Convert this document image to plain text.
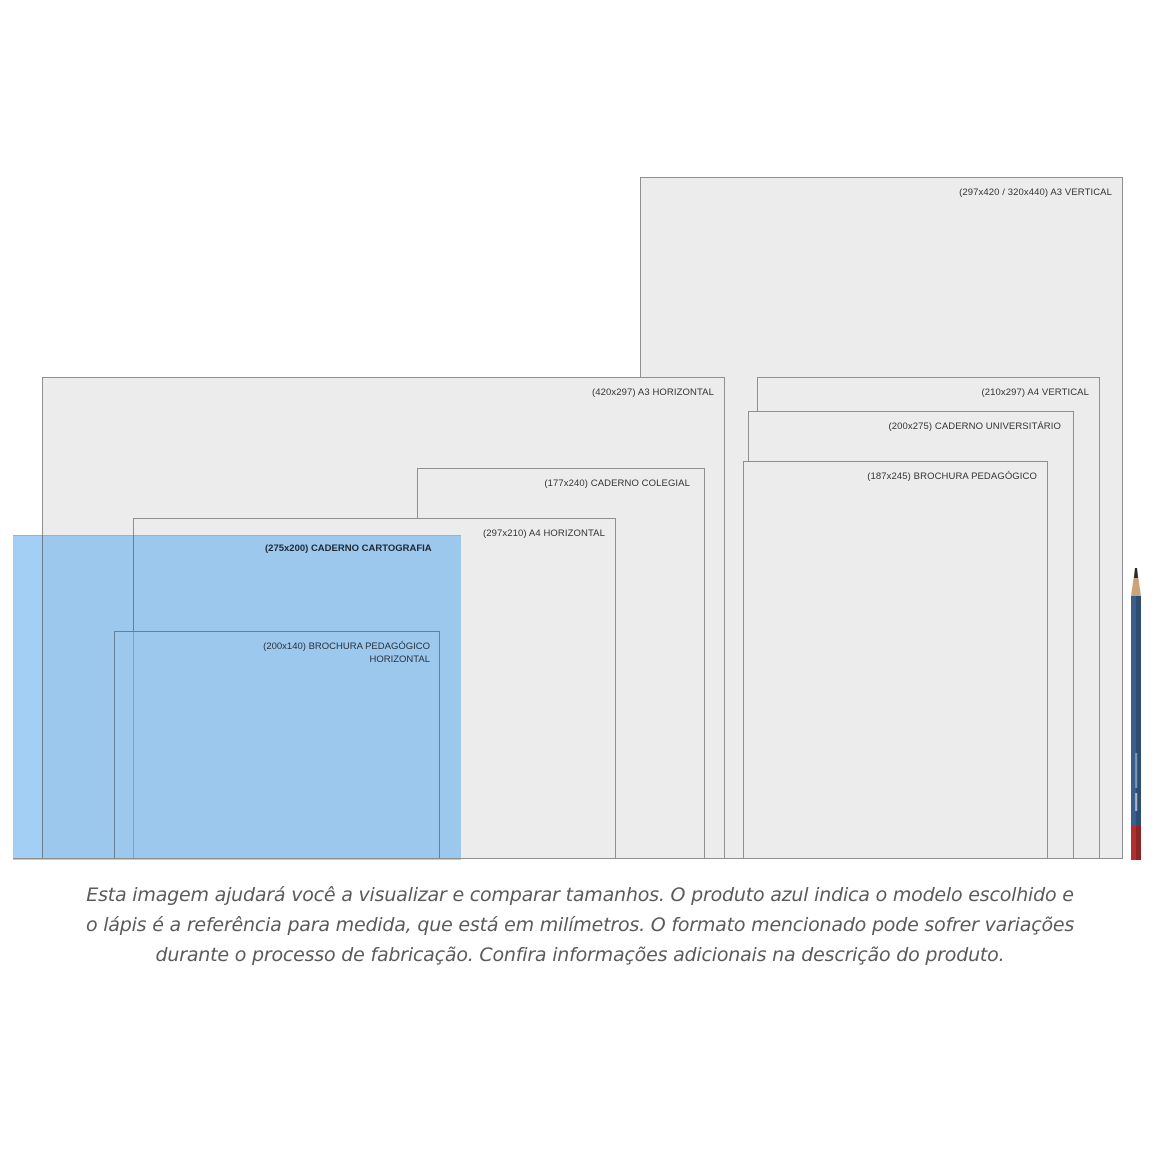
(297x420 / 320x440) A3 VERTICAL
(420x297) A3 HORIZONTAL	(210x297) A4 VERTICAL
(200x275) CADERNO UNIVERSITÁRIO
(187x245) BROCHURA PEDAGÓGICO
(177x240) CADERNO COLEGIAL
(297x210) A4 HORIZONTAL
(275x200) CADERNO CARTOGRAFIA
(200x140) BROCHURA PEDAGÓGICO
HORIZONTAL
Esta imagem ajudará você a visualizar e comparar tamanhos. O produto azul indica o modelo escolhido e
o lápis é a referência para medida, que está em milímetros. O formato mencionado pode sofrer variações
durante o processo de fabricação. Confira informações adicionais na descrição do produto.
